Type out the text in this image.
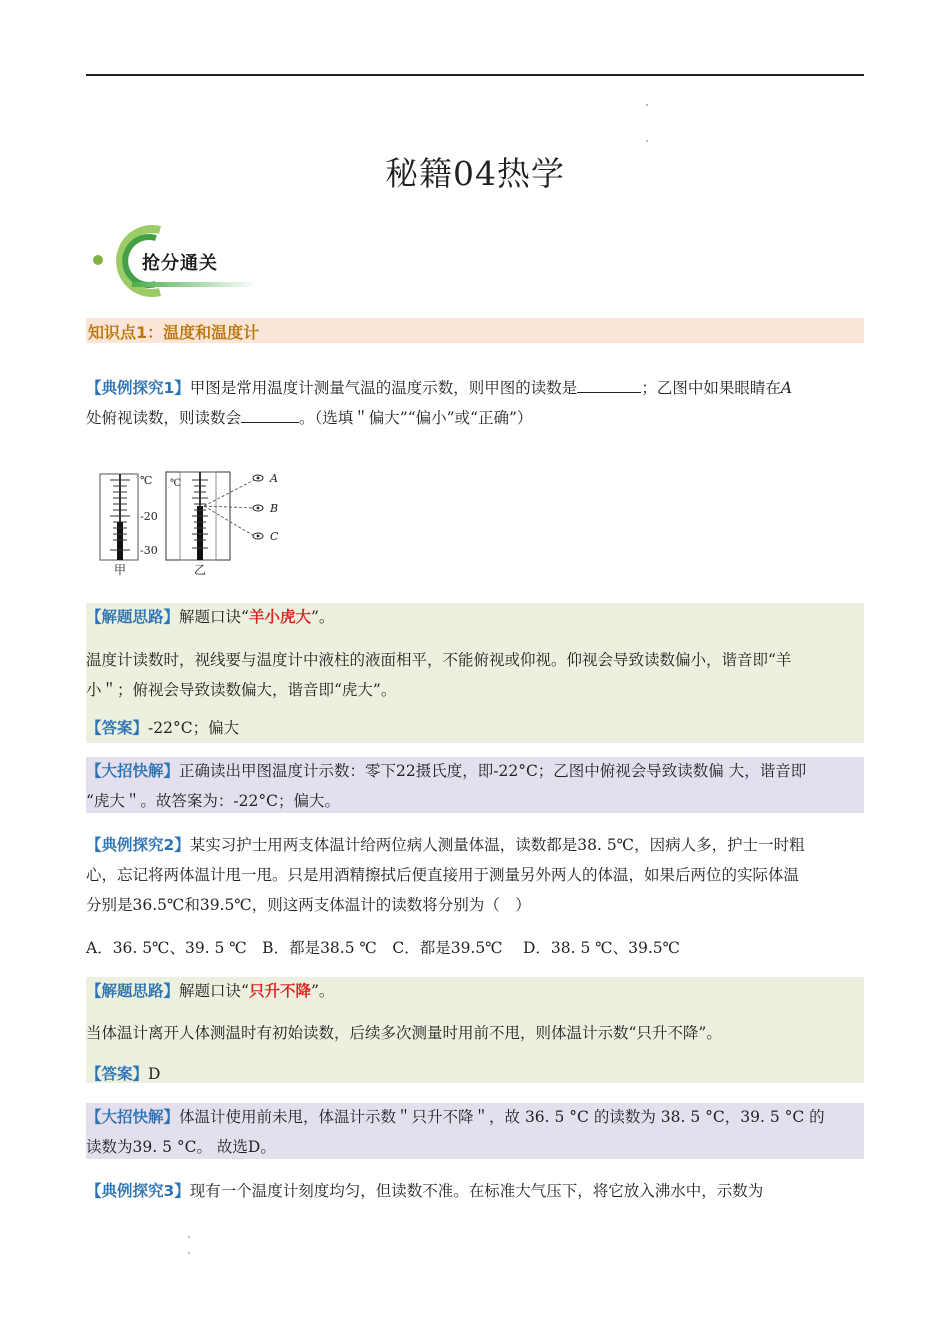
秘籍04热学
抢分通关
知识点1：温度和温度计
【典例探究1】甲图是常用温度计测量气温的温度示数，则甲图的读数是	；乙图中如果眼睛在A
处俯视读数，则读数会	。（选填＂偏大”“偏小”或“正确”）
℃
-20
-30
甲
℃
乙
A
B
C
【解题思路】解题口诀“羊小虎大”。
温度计读数时，视线要与温度计中液柱的液面相平，不能俯视或仰视。仰视会导致读数偏小，谐音即“羊
小＂；俯视会导致读数偏大，谐音即“虎大”。
【答案】-22°C；偏大
【大招快解】正确读出甲图温度计示数：零下22摄氏度，即-22°C；乙图中俯视会导致读数偏 大，谐音即
“虎大＂。故答案为：-22°C；偏大。
【典例探究2】某实习护士用两支体温计给两位病人测量体温，读数都是38. 5℃，因病人多，护士一时粗
心，忘记将两体温计甩一甩。只是用酒精擦拭后便直接用于测量另外两人的体温，如果后两位的实际体温
分别是36.5℃和39.5℃，则这两支体温计的读数将分别为（　）
A．36. 5℃、39. 5 ℃　B．都是38.5 ℃　C．都是39.5℃　 D．38. 5 ℃、39.5℃
【解题思路】解题口诀“只升不降”。
当体温计离开人体测温时有初始读数，后续多次测量时用前不甩，则体温计示数“只升不降”。
【答案】D
【大招快解】体温计使用前未甩，体温计示数＂只升不降＂，故 36. 5 °C 的读数为 38. 5 °C，39. 5 °C 的
读数为39. 5 °C。 故选D。
【典例探究3】现有一个温度计刻度均匀，但读数不准。在标准大气压下，将它放入沸水中，示数为
